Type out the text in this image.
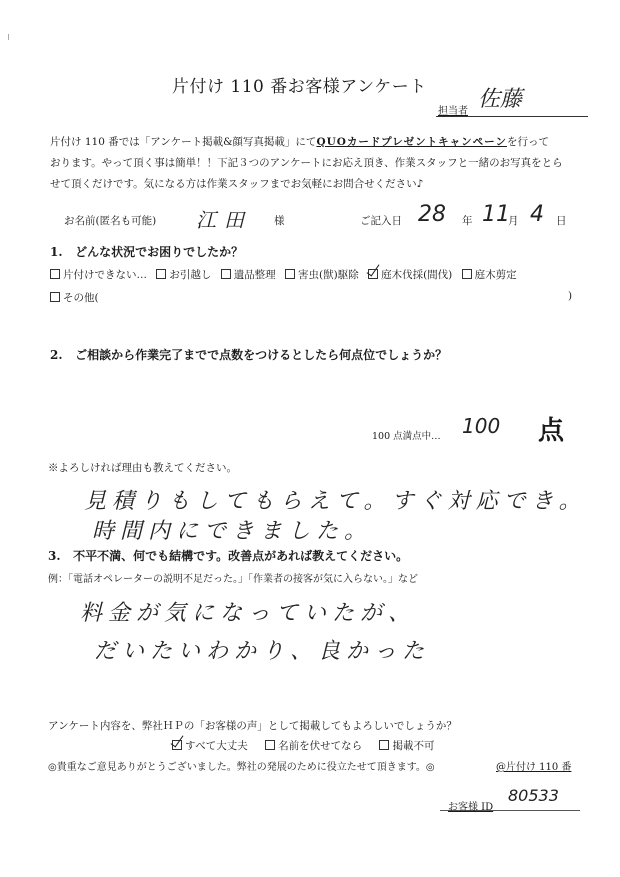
片付け 110 番お客様アンケート
担当者 佐藤
片付け 110 番では「アンケート掲載&顔写真掲載」にてQUOカードプレゼントキャンペーンを行って
おります。やって頂く事は簡単！！下記３つのアンケートにお応え頂き、作業スタッフと一緒のお写真をとら
せて頂くだけです。気になる方は作業スタッフまでお気軽にお問合せください♪
お名前(匿名も可能) 江田 様	ご記入日 28 年 11
月 4 日
1. どんな状況でお困りでしたか？
片付けできない… お引越し 遺品整理 害虫(獣)駆除 庭木伐採(間伐) 庭木剪定
その他(	)
2. ご相談から作業完了までで点数をつけるとしたら何点位でしょうか？
100 点満点中… 100 点
※よろしければ理由も教えてください。
見積りもしてもらえて。すぐ対応でき。
時間内にできました。
3. 不平不満、何でも結構です。改善点があれば教えてください。
例：「電話オペレーターの説明不足だった。」「作業者の接客が気に入らない。」など
料金が気になっていたが、
だいたいわかり、良かった
アンケート内容を、弊社ＨＰの「お客様の声」として掲載してもよろしいでしょうか？
すべて大丈夫	名前を伏せてなら	掲載不可
◎貴重なご意見ありがとうございました。弊社の発展のために役立たせて頂きます。◎	@片付け 110 番
お客様 ID
80533
